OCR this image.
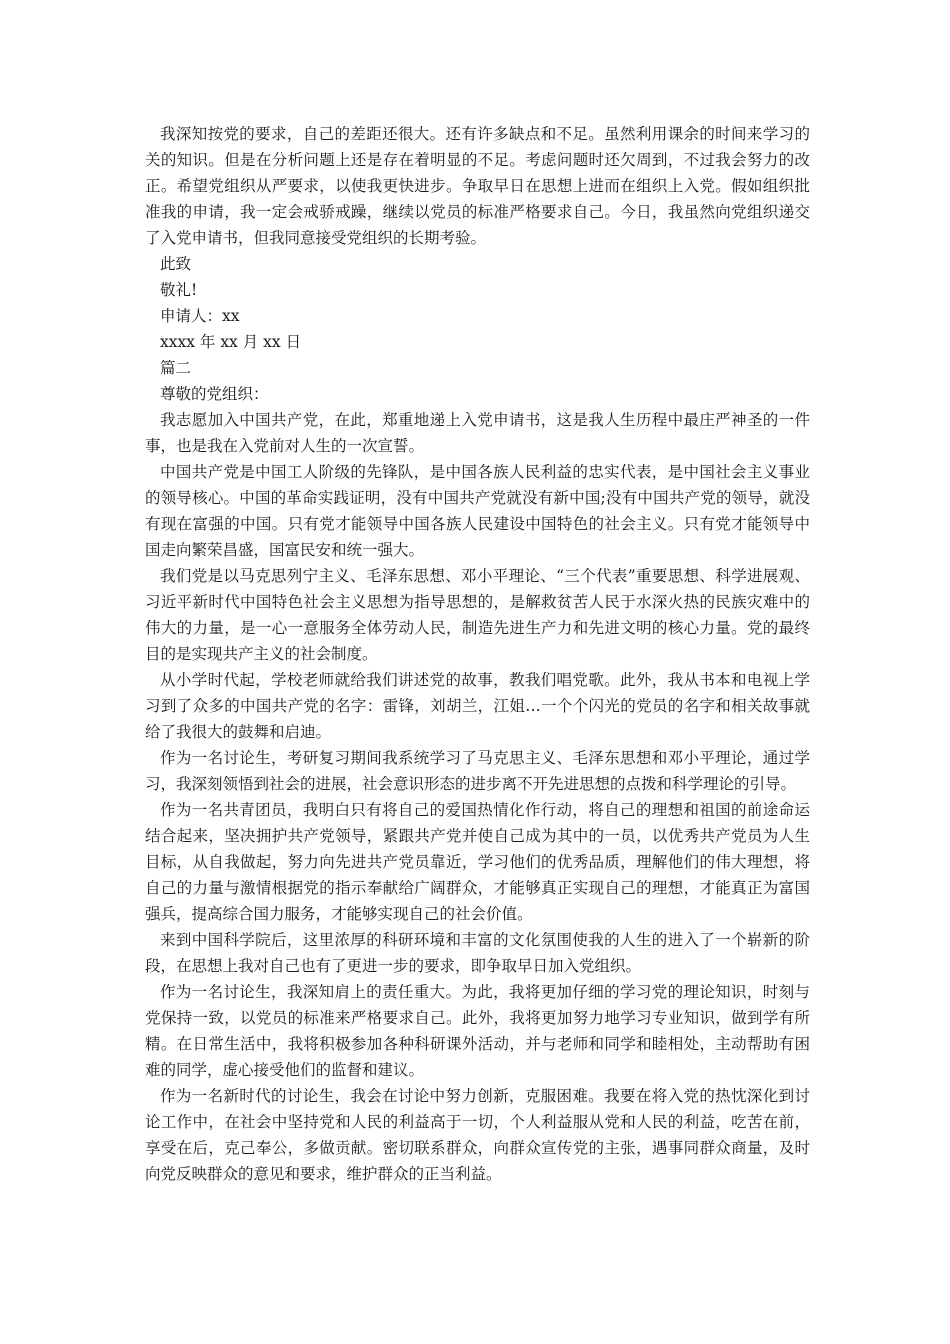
我深知按党的要求，自己的差距还很大。还有许多缺点和不足。虽然利用课余的时间来学习的关的知识。但是在分析问题上还是存在着明显的不足。考虑问题时还欠周到，不过我会努力的改正。希望党组织从严要求，以使我更快进步。争取早日在思想上进而在组织上入党。假如组织批准我的申请，我一定会戒骄戒躁，继续以党员的标准严格要求自己。今日，我虽然向党组织递交了入党申请书，但我同意接受党组织的长期考验。

此致

敬礼!

申请人：xx

xxxx 年 xx 月 xx 日

篇二

尊敬的党组织：

我志愿加入中国共产党，在此，郑重地递上入党申请书，这是我人生历程中最庄严神圣的一件事，也是我在入党前对人生的一次宣誓。

中国共产党是中国工人阶级的先锋队，是中国各族人民利益的忠实代表，是中国社会主义事业的领导核心。中国的革命实践证明，没有中国共产党就没有新中国;没有中国共产党的领导，就没有现在富强的中国。只有党才能领导中国各族人民建设中国特色的社会主义。只有党才能领导中国走向繁荣昌盛，国富民安和统一强大。

我们党是以马克思列宁主义、毛泽东思想、邓小平理论、“三个代表”重要思想、科学进展观、习近平新时代中国特色社会主义思想为指导思想的，是解救贫苦人民于水深火热的民族灾难中的伟大的力量，是一心一意服务全体劳动人民，制造先进生产力和先进文明的核心力量。党的最终目的是实现共产主义的社会制度。

从小学时代起，学校老师就给我们讲述党的故事，教我们唱党歌。此外，我从书本和电视上学习到了众多的中国共产党的名字：雷锋，刘胡兰，江姐…一个个闪光的党员的名字和相关故事就给了我很大的鼓舞和启迪。

作为一名讨论生，考研复习期间我系统学习了马克思主义、毛泽东思想和邓小平理论，通过学习，我深刻领悟到社会的进展，社会意识形态的进步离不开先进思想的点拨和科学理论的引导。

作为一名共青团员，我明白只有将自己的爱国热情化作行动，将自己的理想和祖国的前途命运结合起来，坚决拥护共产党领导，紧跟共产党并使自己成为其中的一员，以优秀共产党员为人生目标，从自我做起，努力向先进共产党员靠近，学习他们的优秀品质，理解他们的伟大理想，将自己的力量与激情根据党的指示奉献给广阔群众，才能够真正实现自己的理想，才能真正为富国强兵，提高综合国力服务，才能够实现自己的社会价值。

来到中国科学院后，这里浓厚的科研环境和丰富的文化氛围使我的人生的进入了一个崭新的阶段，在思想上我对自己也有了更进一步的要求，即争取早日加入党组织。

作为一名讨论生，我深知肩上的责任重大。为此，我将更加仔细的学习党的理论知识，时刻与党保持一致，以党员的标准来严格要求自己。此外，我将更加努力地学习专业知识，做到学有所精。在日常生活中，我将积极参加各种科研课外活动，并与老师和同学和睦相处，主动帮助有困难的同学，虚心接受他们的监督和建议。

作为一名新时代的讨论生，我会在讨论中努力创新，克服困难。我要在将入党的热忱深化到讨论工作中，在社会中坚持党和人民的利益高于一切，个人利益服从党和人民的利益，吃苦在前，享受在后，克己奉公，多做贡献。密切联系群众，向群众宣传党的主张，遇事同群众商量，及时向党反映群众的意见和要求，维护群众的正当利益。
